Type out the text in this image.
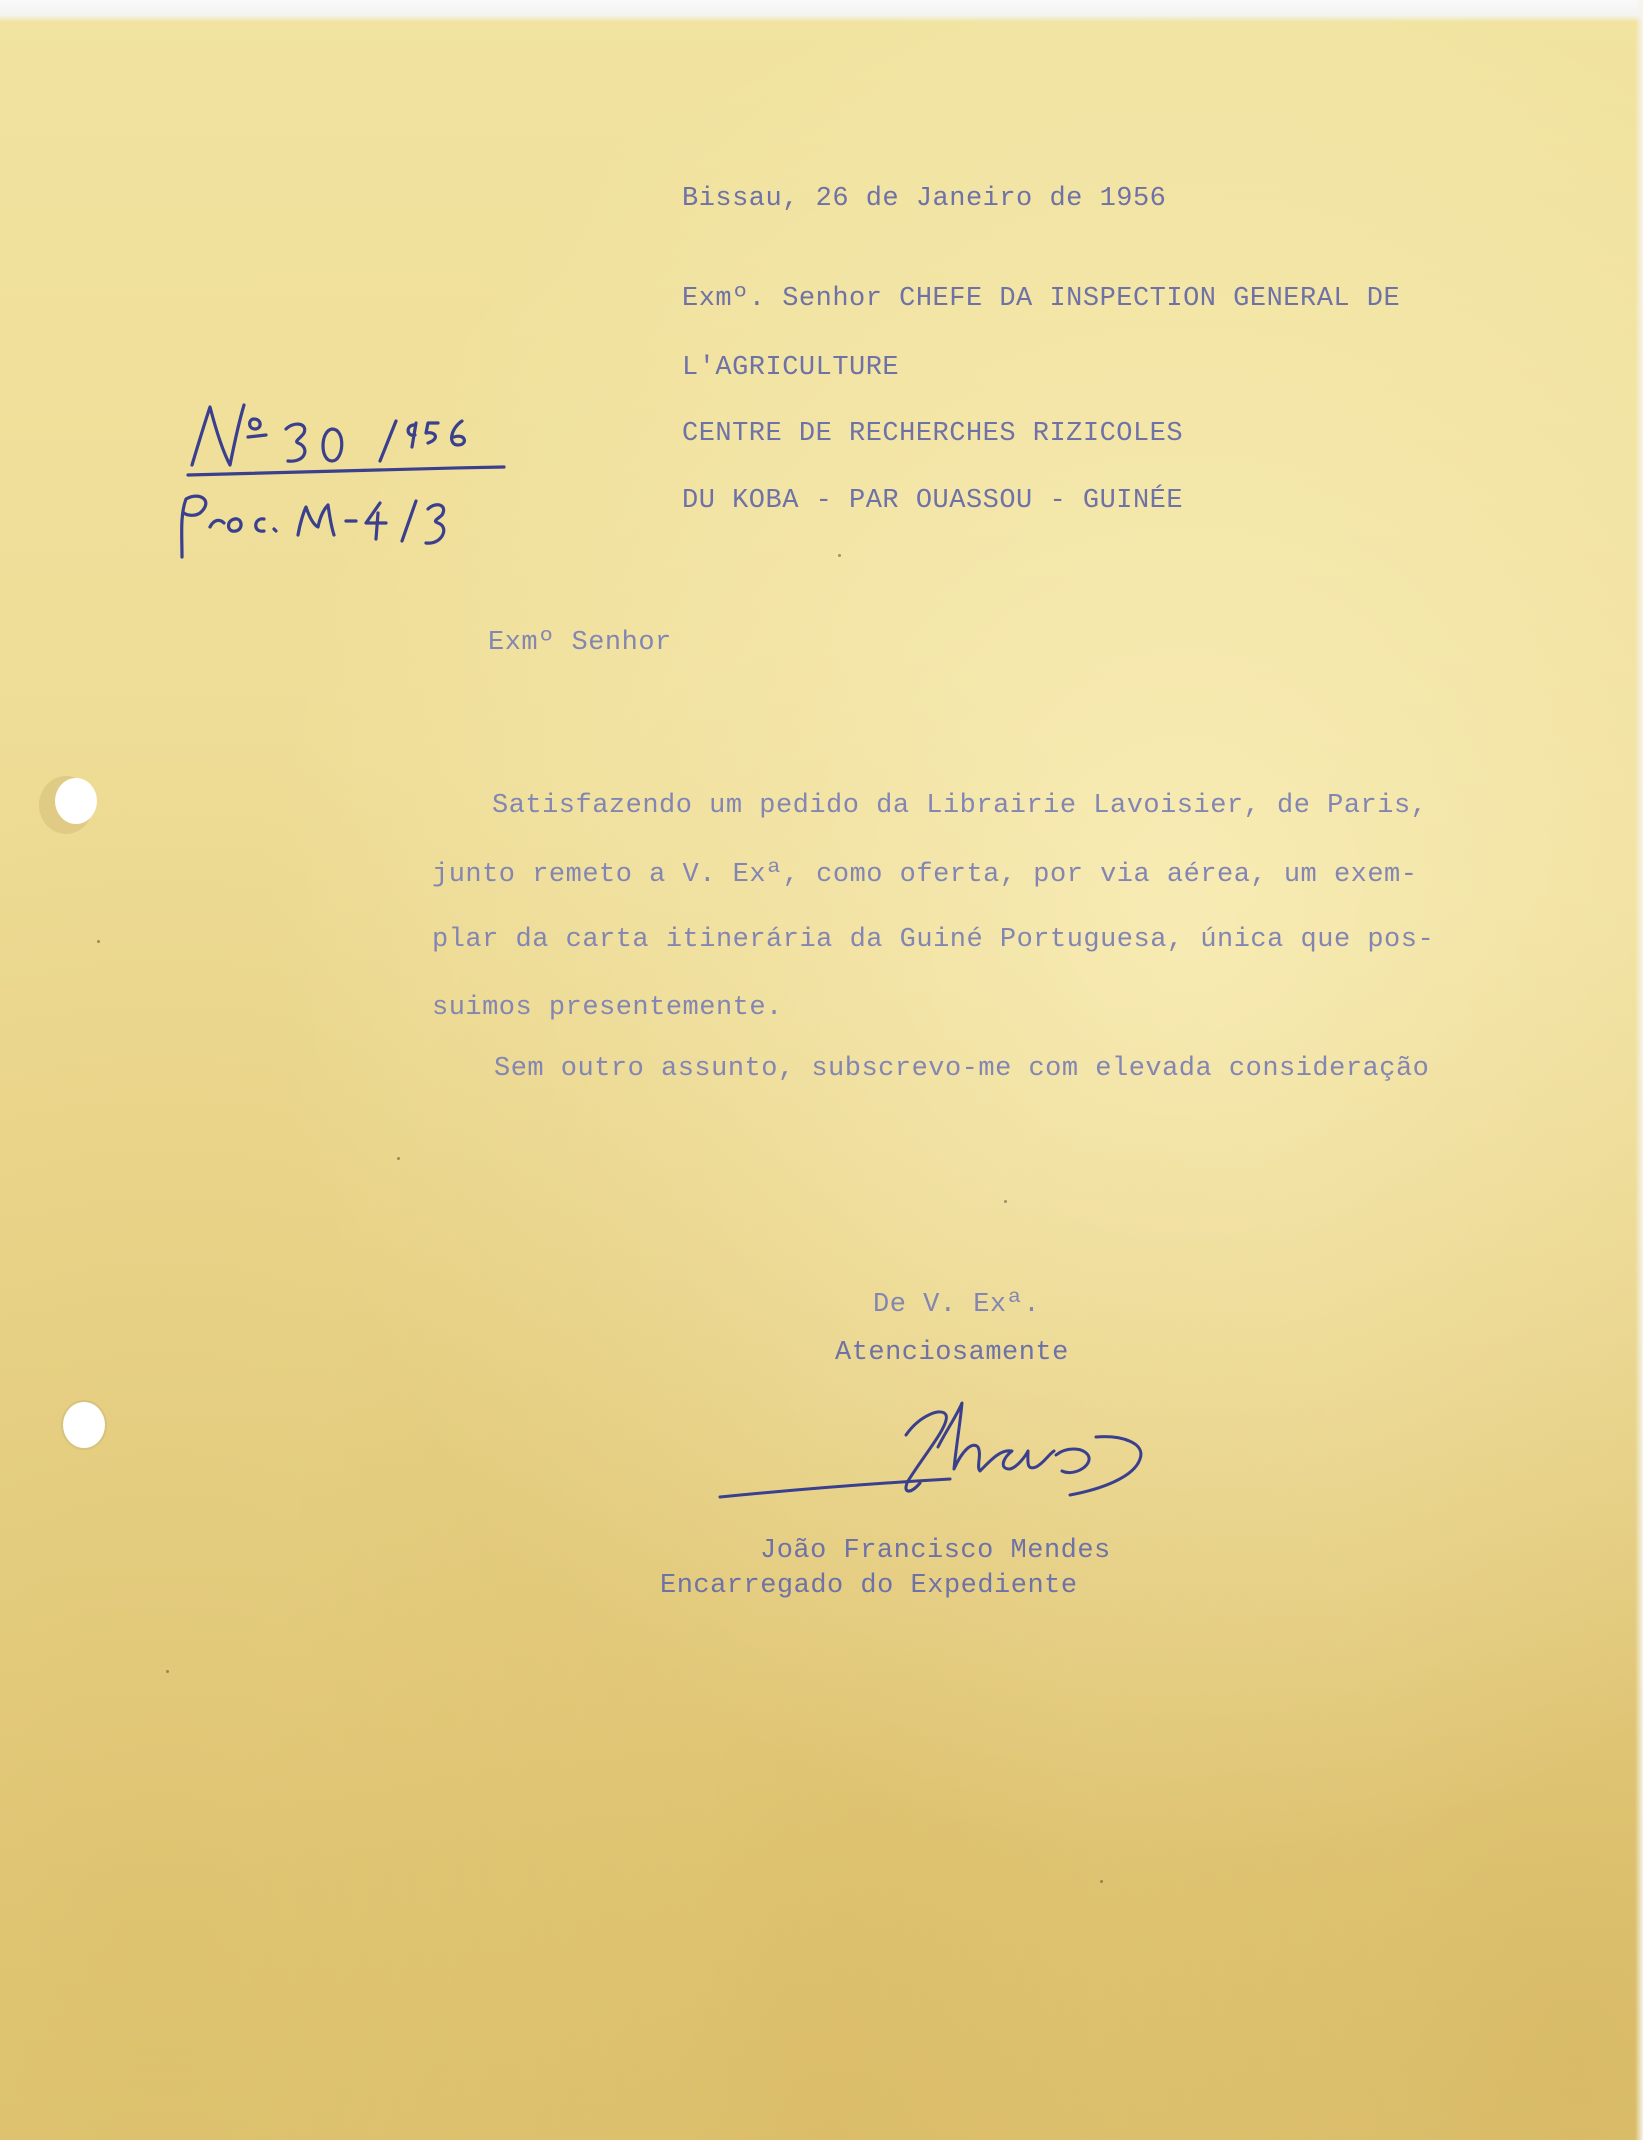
Bissau, 26 de Janeiro de 1956
Exmº. Senhor CHEFE DA INSPECTION GENERAL DE
L'AGRICULTURE
CENTRE DE RECHERCHES RIZICOLES
DU KOBA - PAR OUASSOU - GUINÉE
Exmº Senhor
Satisfazendo um pedido da Librairie Lavoisier, de Paris,
junto remeto a V. Exª, como oferta, por via aérea, um exem-
plar da carta itinerária da Guiné Portuguesa, única que pos-
suimos presentemente.
Sem outro assunto, subscrevo-me com elevada consideração
De V. Exª.
Atenciosamente
João Francisco Mendes
Encarregado do Expediente
